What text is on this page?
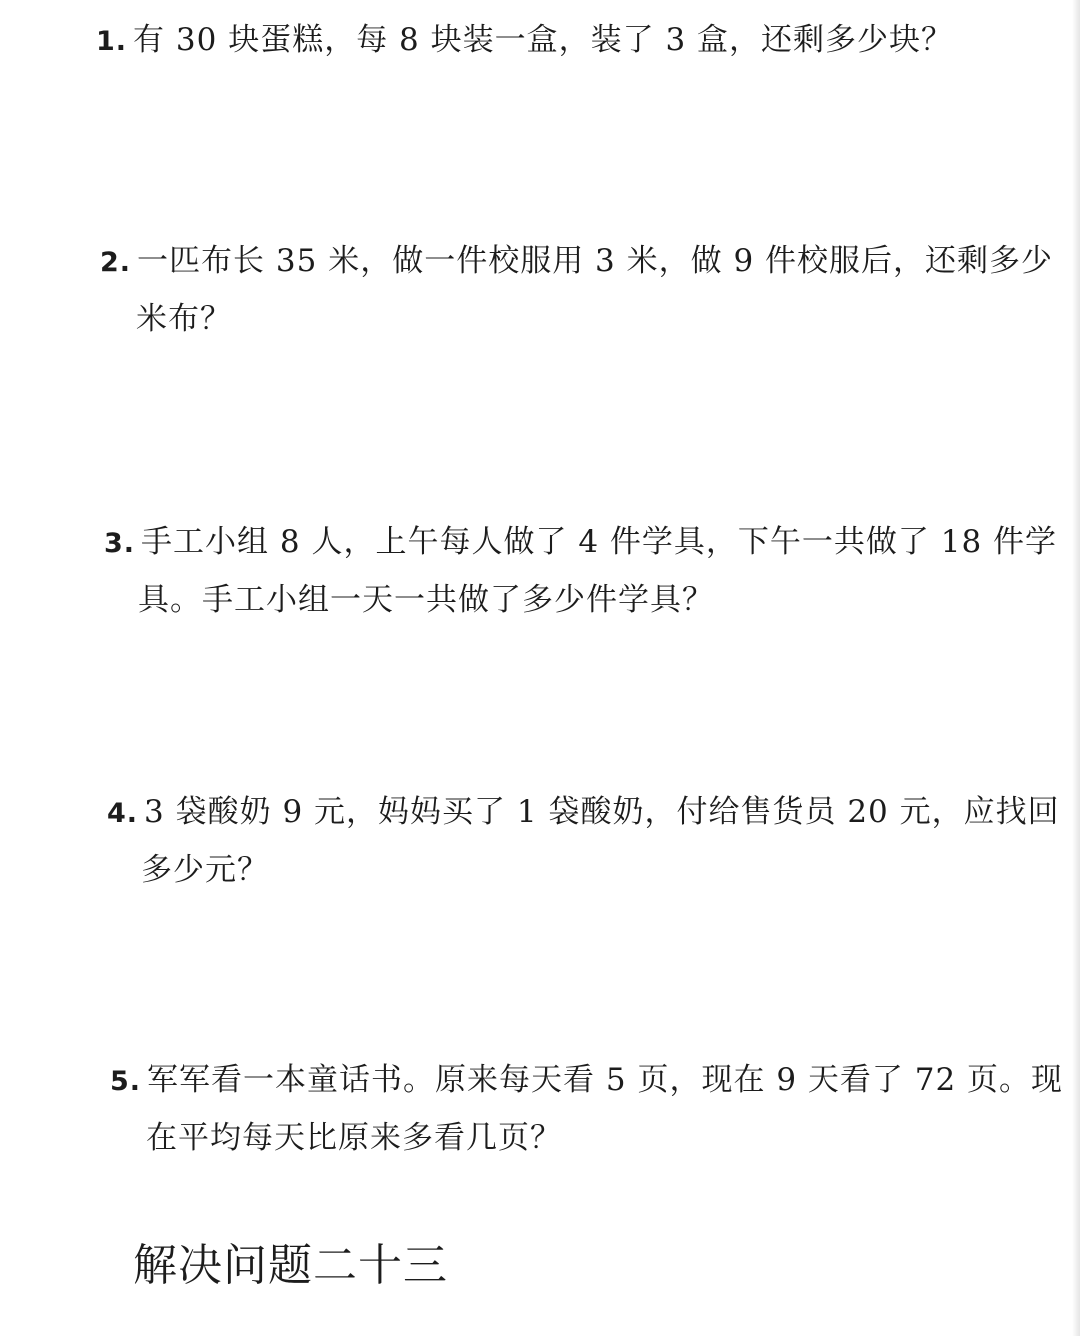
1. 有 30 块蛋糕，每 8 块装一盒，装了 3 盒，还剩多少块？
2. 一匹布长 35 米，做一件校服用 3 米，做 9 件校服后，还剩多少
米布？
3. 手工小组 8 人，上午每人做了 4 件学具，下午一共做了 18 件学
具。手工小组一天一共做了多少件学具？
4. 3 袋酸奶 9 元，妈妈买了 1 袋酸奶，付给售货员 20 元，应找回
多少元？
5. 军军看一本童话书。原来每天看 5 页，现在 9 天看了 72 页。现
在平均每天比原来多看几页？
解决问题二十三
